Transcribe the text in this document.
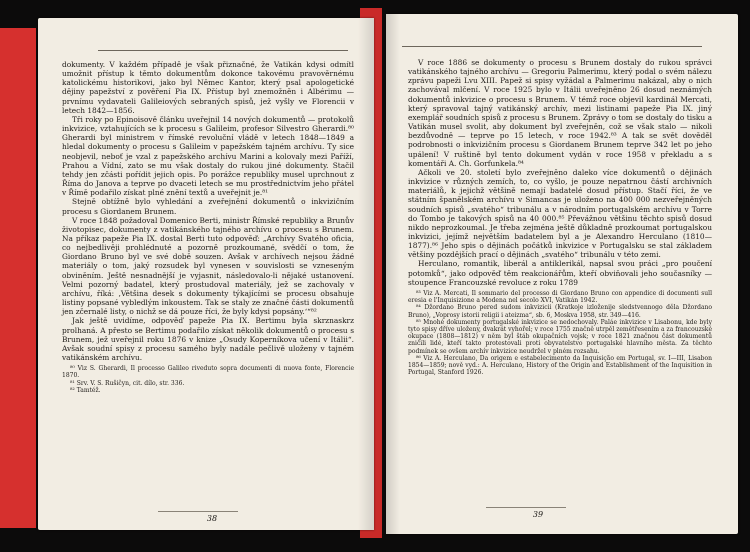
dokumenty. V každém případě je však přiznačné, že Vatikán kdysi odmítl umožnit přístup k těmto dokumentům dokonce takovému pravověrnému katolickému historikovi, jako byl Němec Kantor, který psal apologetické dějiny papežství z pověření Pia IX. Přístup byl znemožněn i Albérimu — prvnímu vydavateli Galileiových sebraných spisů, jež vyšly ve Florencii v letech 1842—1856.

Tři roky po Epinoisově článku uveřejnil 14 nových dokumentů — protokolů inkvizice, vztahujících se k procesu s Galileim, profesor Silvestro Gherardi.⁸⁰ Gherardi byl ministrem v římské revoluční vládě v letech 1848—1849 a hledal dokumenty o procesu s Galileim v papežském tajném archívu. Ty sice neobjevil, neboť je vzal z papežského archívu Marini a kolovaly mezi Paříží, Prahou a Vídní, zato se mu však dostaly do rukou jiné dokumenty. Stačil tehdy jen zčásti pořídit jejich opis. Po porážce republiky musel uprchnout z Říma do Janova a teprve po dvaceti letech se mu prostřednictvím jeho přátel v Římě podařilo získat plné znění textů a uveřejnit je.⁸¹

Stejně obtížně bylo vyhledání a zveřejnění dokumentů o inkvizičním procesu s Giordanem Brunem.

V roce 1848 požadoval Domenico Berti, ministr Římské republiky a Brunův životopisec, dokumenty z vatikánského tajného archívu o procesu s Brunem. Na příkaz papeže Pia IX. dostal Berti tuto odpověď: „Archívy Svatého oficia, co nejbedlivěji prohlédnuté a pozorně prozkoumané, svědčí o tom, že Giordano Bruno byl ve své době souzen. Avšak v archívech nejsou žádné materiály o tom, jaký rozsudek byl vynesen v souvislosti se vzneseným obviněním. Ještě nesnadnější je vyjasnit, následovalo-li nějaké ustanovení. Velmi pozorný badatel, který prostudoval materiály, jež se zachovaly v archívu, říká: ‚Většina desek s dokumenty týkajícími se procesu obsahuje listiny popsané vybledlým inkoustem. Tak se staly ze značné části dokumentů jen zčernalé listy, o nichž se dá pouze říci, že byly kdysi popsány.‘“⁸²

Jak ještě uvidíme, odpověď papeže Pia IX. Bertimu byla skrznaskrz prolhaná. A přesto se Bertimu podařilo získat několik dokumentů o procesu s Brunem, jež uveřejnil roku 1876 v knize „Osudy Koperníkova učení v Itálii“. Avšak soudní spisy z procesu samého byly nadále pečlivě uloženy v tajném vatikánském archívu.

⁸⁰ Viz S. Gherardi, Il processo Galileo riveduto sopra documenti di nuova fonte, Florencie 1870.

⁸¹ Srv. V. S. Rušičyn, cit. dílo, str. 336.

⁸² Tamtéž.

38

V roce 1886 se dokumenty o procesu s Brunem dostaly do rukou správci vatikánského tajného archívu — Gregoriu Palmerimu, který podal o svém nálezu zprávu papeži Lvu XIII. Papež si spisy vyžádal a Palmerimu nakázal, aby o nich zachovával mlčení. V roce 1925 bylo v Itálii uveřejněno 26 dosud neznámých dokumentů inkvizice o procesu s Brunem. V témž roce objevil kardinál Mercati, který spravoval tajný vatikánský archív, mezi listinami papeže Pia IX. jiný exemplář soudních spisů z procesu s Brunem. Zprávy o tom se dostaly do tisku a Vatikán musel svolit, aby dokument byl zveřejněn, což se však stalo — nikoli bezdůvodně — teprve po 15 letech, v roce 1942.⁸³ A tak se svět dověděl podrobnosti o inkvizičním procesu s Giordanem Brunem teprve 342 let po jeho upálení! V ruštině byl tento dokument vydán v roce 1958 v překladu a s komentáři A. Ch. Gorfunkela.⁸⁴

Ačkoli ve 20. století bylo zveřejněno daleko více dokumentů o dějinách inkvizice v různých zemích, to, co vyšlo, je pouze nepatrnou částí archivních materiálů, k jejichž většině nemají badatelé dosud přístup. Stačí říci, že ve státním španělském archívu v Simancas je uloženo na 400 000 nezveřejněných soudních spisů „svatého“ tribunálu a v národním portugalském archívu v Torre do Tombo je takových spisů na 40 000.⁸⁵ Převážnou většinu těchto spisů dosud nikdo neprozkoumal. Je třeba zejména ještě důkladně prozkoumat portugalskou inkvizici, jejímž největším badatelem byl a je Alexandro Herculano (1810—1877).⁸⁶ Jeho spis o dějinách počátků inkvizice v Portugalsku se stal základem většiny pozdějších prací o dějinách „svatého“ tribunálu v této zemi.

Herculano, romantik, liberál a antiklerikál, napsal svou práci „pro poučení potomků“, jako odpověď těm reakcionářům, kteří obviňovali jeho současníky — stoupence Francouzské revoluce z roku 1789

⁸³ Viz A. Mercati, Il sommario del processo di Giordano Bruno con appendice di documenti sull eresia e l'Inquisizione a Modena nel secolo XVI, Vatikán 1942.

⁸⁴ Džordano Bruno pered sudom inkvizicii (Kratkoje izloženije sledstvennogo děla Džordano Bruno), „Voprosy istorii religii i ateizma“, sb. 6, Moskva 1958, str. 349—416.

⁸⁵ Mnohé dokumenty portugalské inkvizice se nedochovaly. Paláe inkvizice v Lisabonu, kde byly tyto spisy dříve uloženy, dvakrát vyhořel; v roce 1755 značně utrpěl zemětřesením a za francouzské okupace (1808—1812) v něm byl štáb okupačních vojsk; v roce 1821 značnou část dokumentů zničili lidé, kteří takto protestovali proti obyvatelstvo portugalské hlavního města. Za těchto podmínek se ovšem archív inkvizice neudržel v plném rozsahu.

⁸⁶ Viz A. Herculano, Da origem e estabelecimento da Inquisição em Portugal, sv. I—III, Lisabon 1854—1859; nově vyd.: A. Herculano, History of the Origin and Establishment of the Inquisition in Portugal, Stanford 1926.

39
